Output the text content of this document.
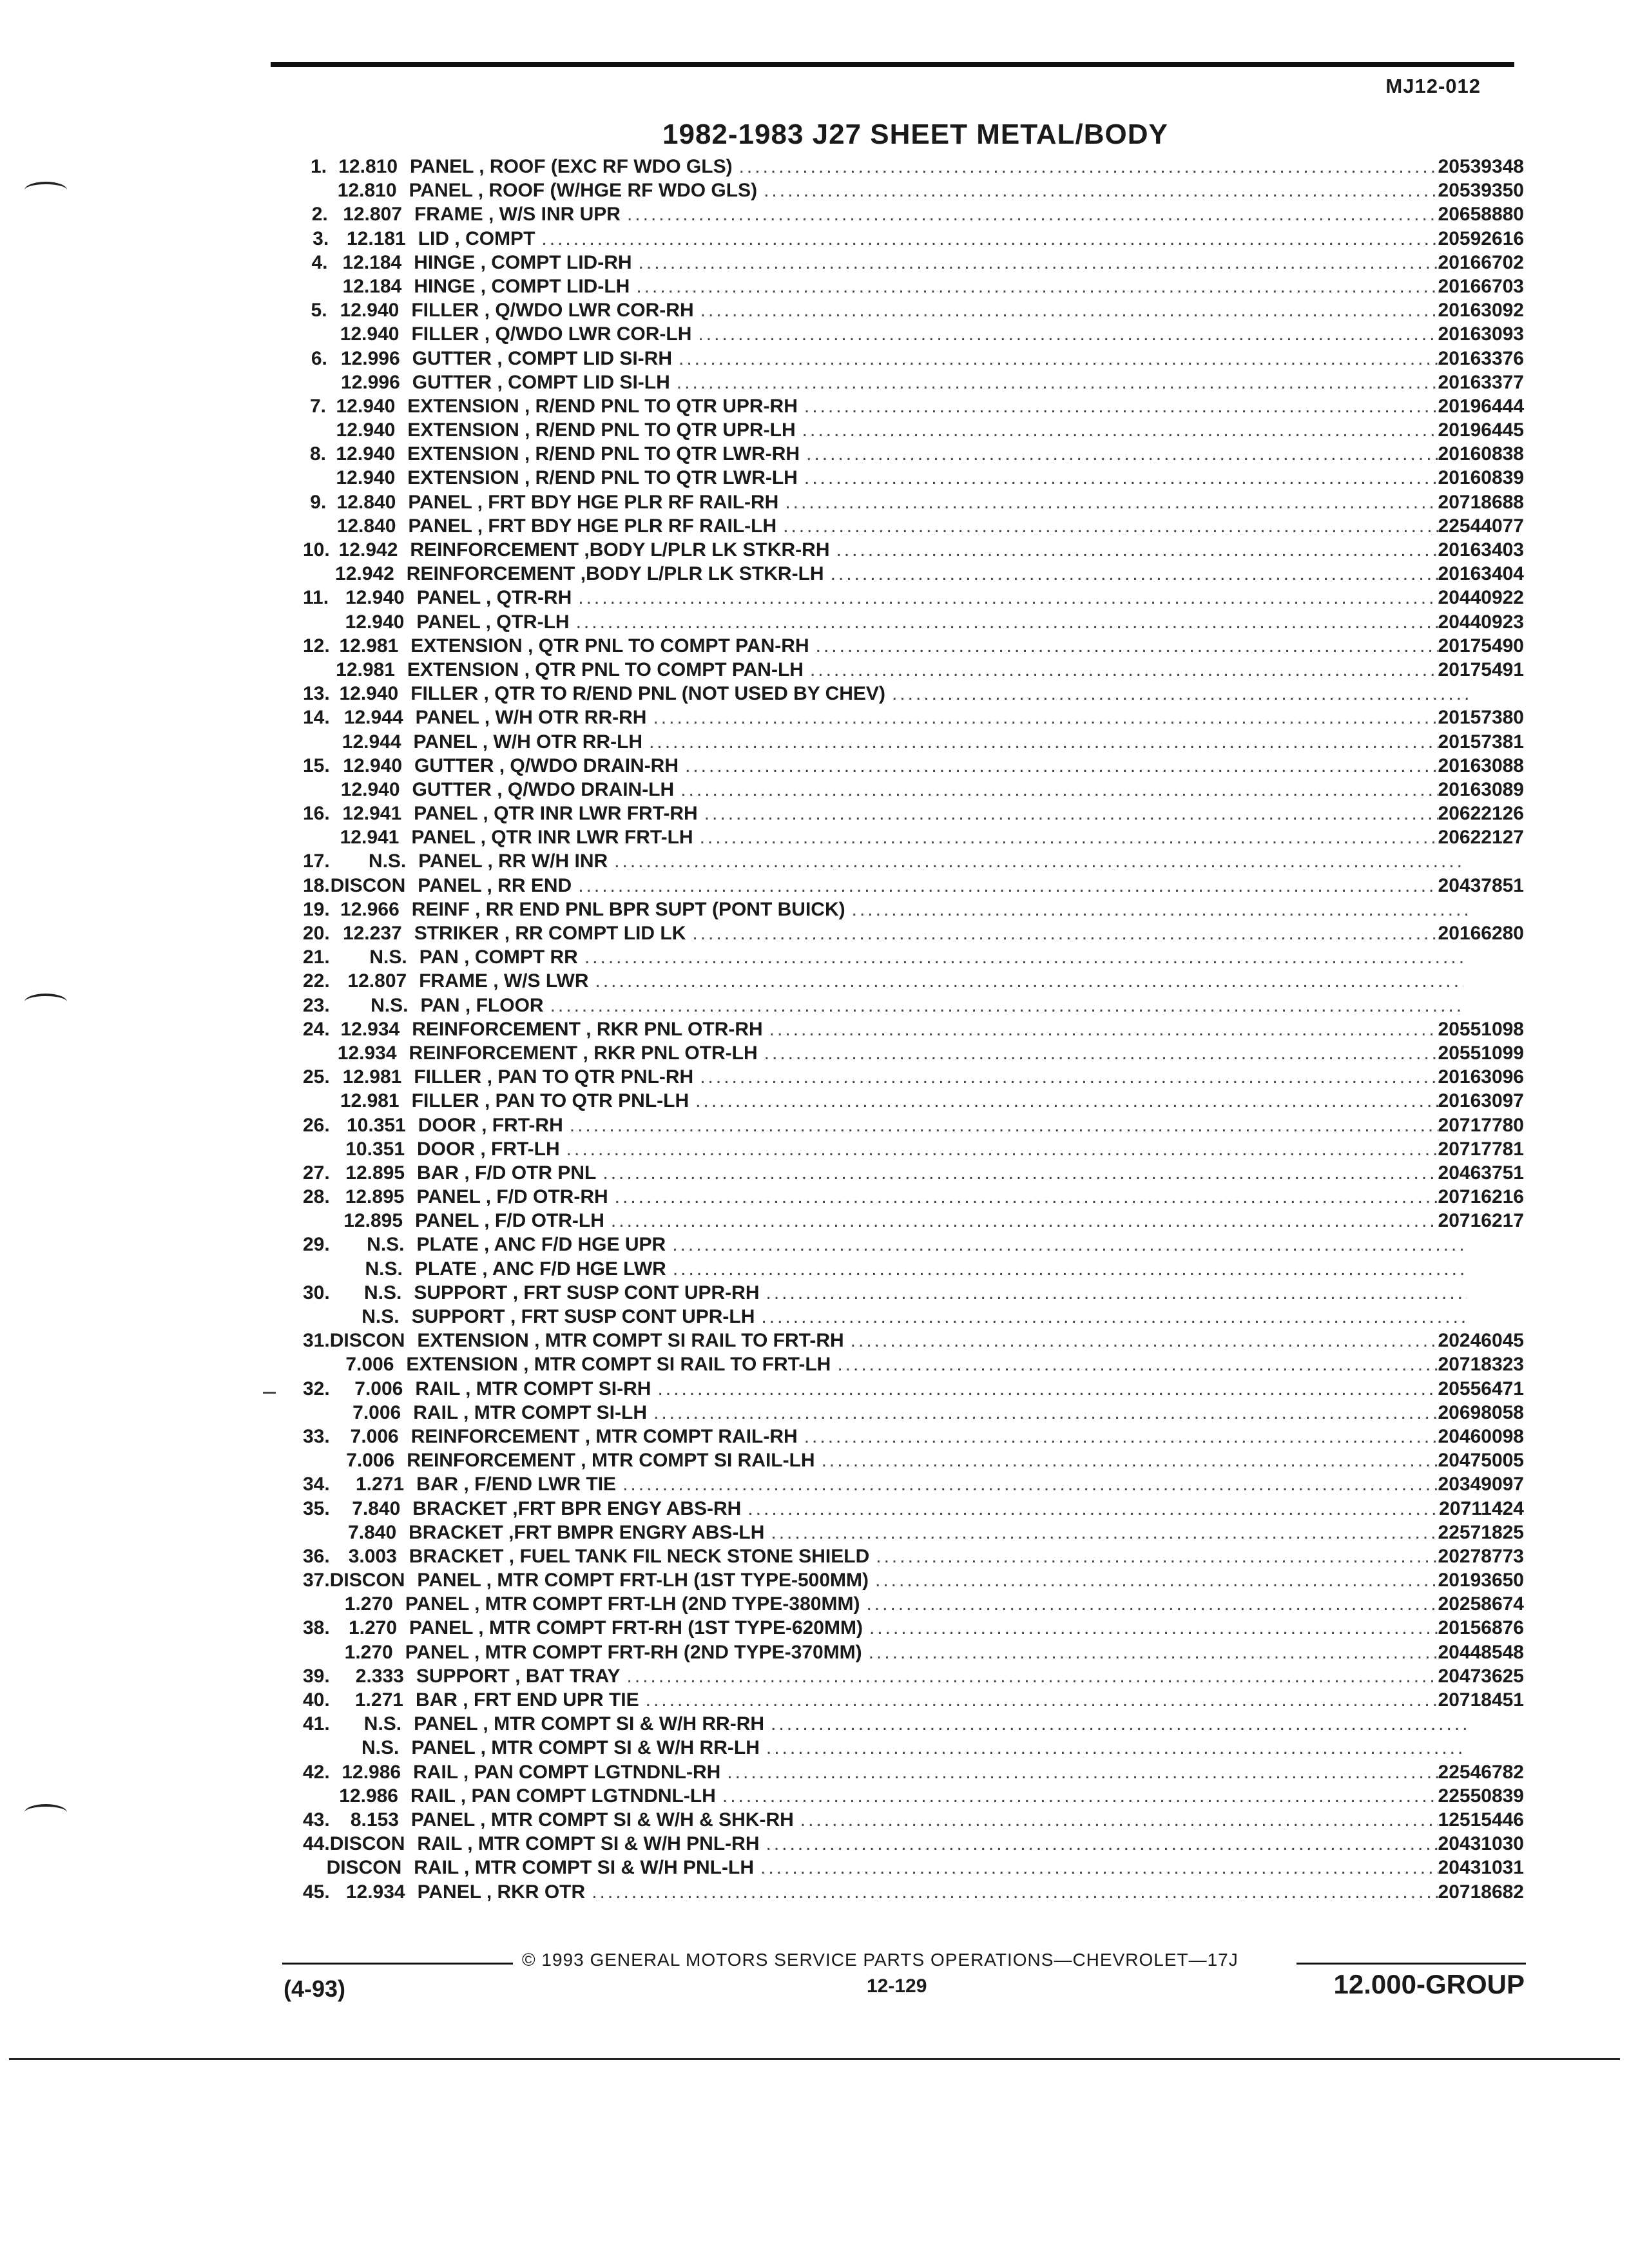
MJ12-012
1982-1983 J27 SHEET METAL/BODY
1. 12.810 PANEL , ROOF (EXC RF WDO GLS) .....	20539348
12.810 PANEL , ROOF (W/HGE RF WDO GLS) .....	20539350
2. 12.807 FRAME , W/S INR UPR .....	20658880
3. 12.181 LID , COMPT .....	20592616
4. 12.184 HINGE , COMPT LID-RH .....	20166702
12.184 HINGE , COMPT LID-LH .....	20166703
5. 12.940 FILLER , Q/WDO LWR COR-RH .....	20163092
12.940 FILLER , Q/WDO LWR COR-LH .....	20163093
6. 12.996 GUTTER , COMPT LID SI-RH .....	20163376
12.996 GUTTER , COMPT LID SI-LH .....	20163377
7. 12.940 EXTENSION , R/END PNL TO QTR UPR-RH .....	20196444
12.940 EXTENSION , R/END PNL TO QTR UPR-LH .....	20196445
8. 12.940 EXTENSION , R/END PNL TO QTR LWR-RH .....	20160838
12.940 EXTENSION , R/END PNL TO QTR LWR-LH .....	20160839
9. 12.840 PANEL , FRT BDY HGE PLR RF RAIL-RH .....	20718688
12.840 PANEL , FRT BDY HGE PLR RF RAIL-LH .....	22544077
10. 12.942 REINFORCEMENT ,BODY L/PLR LK STKR-RH .....	20163403
12.942 REINFORCEMENT ,BODY L/PLR LK STKR-LH .....	20163404
11. 12.940 PANEL , QTR-RH .....	20440922
12.940 PANEL , QTR-LH .....	20440923
12. 12.981 EXTENSION , QTR PNL TO COMPT PAN-RH .....	20175490
12.981 EXTENSION , QTR PNL TO COMPT PAN-LH .....	20175491
13. 12.940 FILLER , QTR TO R/END PNL (NOT USED BY CHEV)
.....
14. 12.944 PANEL , W/H OTR RR-RH .....	20157380
12.944 PANEL , W/H OTR RR-LH .....	20157381
15. 12.940 GUTTER , Q/WDO DRAIN-RH .....	20163088
12.940 GUTTER , Q/WDO DRAIN-LH .....	20163089
16. 12.941 PANEL , QTR INR LWR FRT-RH .....	20622126
12.941 PANEL , QTR INR LWR FRT-LH .....	20622127
17.	N.S. PANEL , RR W/H INR
.....
18. DISCON PANEL , RR END .....	20437851
19. 12.966 REINF , RR END PNL BPR SUPT (PONT BUICK)
.....
20. 12.237 STRIKER , RR COMPT LID LK .....	20166280
21.	N.S. PAN , COMPT RR
.....
22. 12.807 FRAME , W/S LWR
.....
23.	N.S. PAN , FLOOR
.....
24. 12.934 REINFORCEMENT , RKR PNL OTR-RH .....	20551098
12.934 REINFORCEMENT , RKR PNL OTR-LH .....	20551099
25. 12.981 FILLER , PAN TO QTR PNL-RH .....	20163096
12.981 FILLER , PAN TO QTR PNL-LH .....	20163097
26. 10.351 DOOR , FRT-RH .....	20717780
10.351 DOOR , FRT-LH .....	20717781
27. 12.895 BAR , F/D OTR PNL .....	20463751
28. 12.895 PANEL , F/D OTR-RH .....	20716216
12.895 PANEL , F/D OTR-LH .....	20716217
29.	N.S. PLATE , ANC F/D HGE UPR
.....
N.S. PLATE , ANC F/D HGE LWR
.....
30.	N.S. SUPPORT , FRT SUSP CONT UPR-RH
.....
N.S. SUPPORT , FRT SUSP CONT UPR-LH
.....
31. DISCON EXTENSION , MTR COMPT SI RAIL TO FRT-RH .....	20246045
7.006 EXTENSION , MTR COMPT SI RAIL TO FRT-LH .....	20718323
32.	7.006 RAIL , MTR COMPT SI-RH .....	20556471
7.006 RAIL , MTR COMPT SI-LH .....	20698058
33.	7.006 REINFORCEMENT , MTR COMPT RAIL-RH .....	20460098
7.006 REINFORCEMENT , MTR COMPT SI RAIL-LH .....	20475005
34.	1.271 BAR , F/END LWR TIE .....	20349097
35.	7.840 BRACKET ,FRT BPR ENGY ABS-RH .....	20711424
7.840 BRACKET ,FRT BMPR ENGRY ABS-LH .....	22571825
36. 3.003 BRACKET , FUEL TANK FIL NECK STONE SHIELD .....	20278773
37. DISCON PANEL , MTR COMPT FRT-LH (1ST TYPE-500MM) .....	20193650
1.270 PANEL , MTR COMPT FRT-LH (2ND TYPE-380MM) .....	20258674
38. 1.270 PANEL , MTR COMPT FRT-RH (1ST TYPE-620MM) .....	20156876
1.270 PANEL , MTR COMPT FRT-RH (2ND TYPE-370MM) .....	20448548
39.	2.333 SUPPORT , BAT TRAY .....	20473625
40.	1.271 BAR , FRT END UPR TIE .....	20718451
41.	N.S. PANEL , MTR COMPT SI & W/H RR-RH
.....
N.S. PANEL , MTR COMPT SI & W/H RR-LH
.....
42. 12.986 RAIL , PAN COMPT LGTNDNL-RH .....	22546782
12.986 RAIL , PAN COMPT LGTNDNL-LH .....	22550839
43.	8.153 PANEL , MTR COMPT SI & W/H & SHK-RH .....	12515446
44. DISCON RAIL , MTR COMPT SI & W/H PNL-RH .....	20431030
DISCON RAIL , MTR COMPT SI & W/H PNL-LH .....	20431031
45. 12.934 PANEL , RKR OTR .....	20718682
© 1993 GENERAL MOTORS SERVICE PARTS OPERATIONS—CHEVROLET—17J
(4-93)	12-129	12.000-GROUP
